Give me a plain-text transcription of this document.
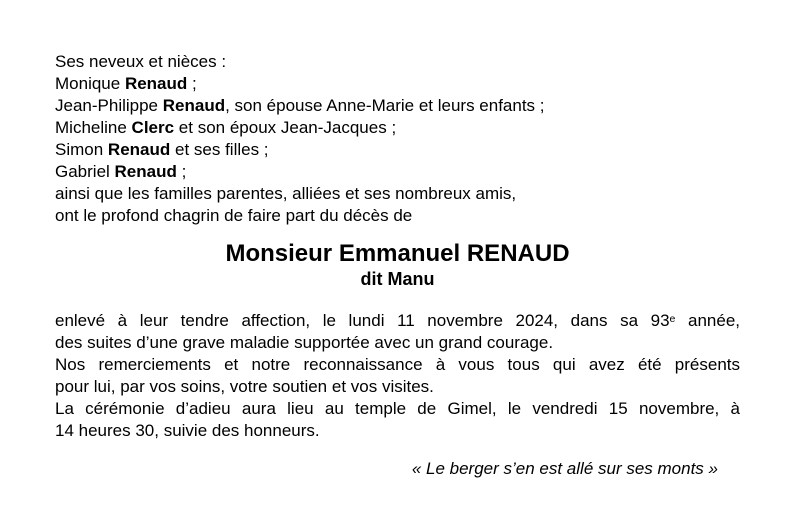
Ses neveux et nièces :
Monique Renaud ;
Jean-Philippe Renaud, son épouse Anne-Marie et leurs enfants ;
Micheline Clerc et son époux Jean-Jacques ;
Simon Renaud et ses filles ;
Gabriel Renaud ;
ainsi que les familles parentes, alliées et ses nombreux amis,
ont le profond chagrin de faire part du décès de
Monsieur Emmanuel RENAUD
dit Manu
enlevé à leur tendre affection, le lundi 11 novembre 2024, dans sa 93e année,
des suites d’une grave maladie supportée avec un grand courage.
Nos remerciements et notre reconnaissance à vous tous qui avez été présents
pour lui, par vos soins, votre soutien et vos visites.
La cérémonie d’adieu aura lieu au temple de Gimel, le vendredi 15 novembre, à
14 heures 30, suivie des honneurs.
« Le berger s’en est allé sur ses monts »
